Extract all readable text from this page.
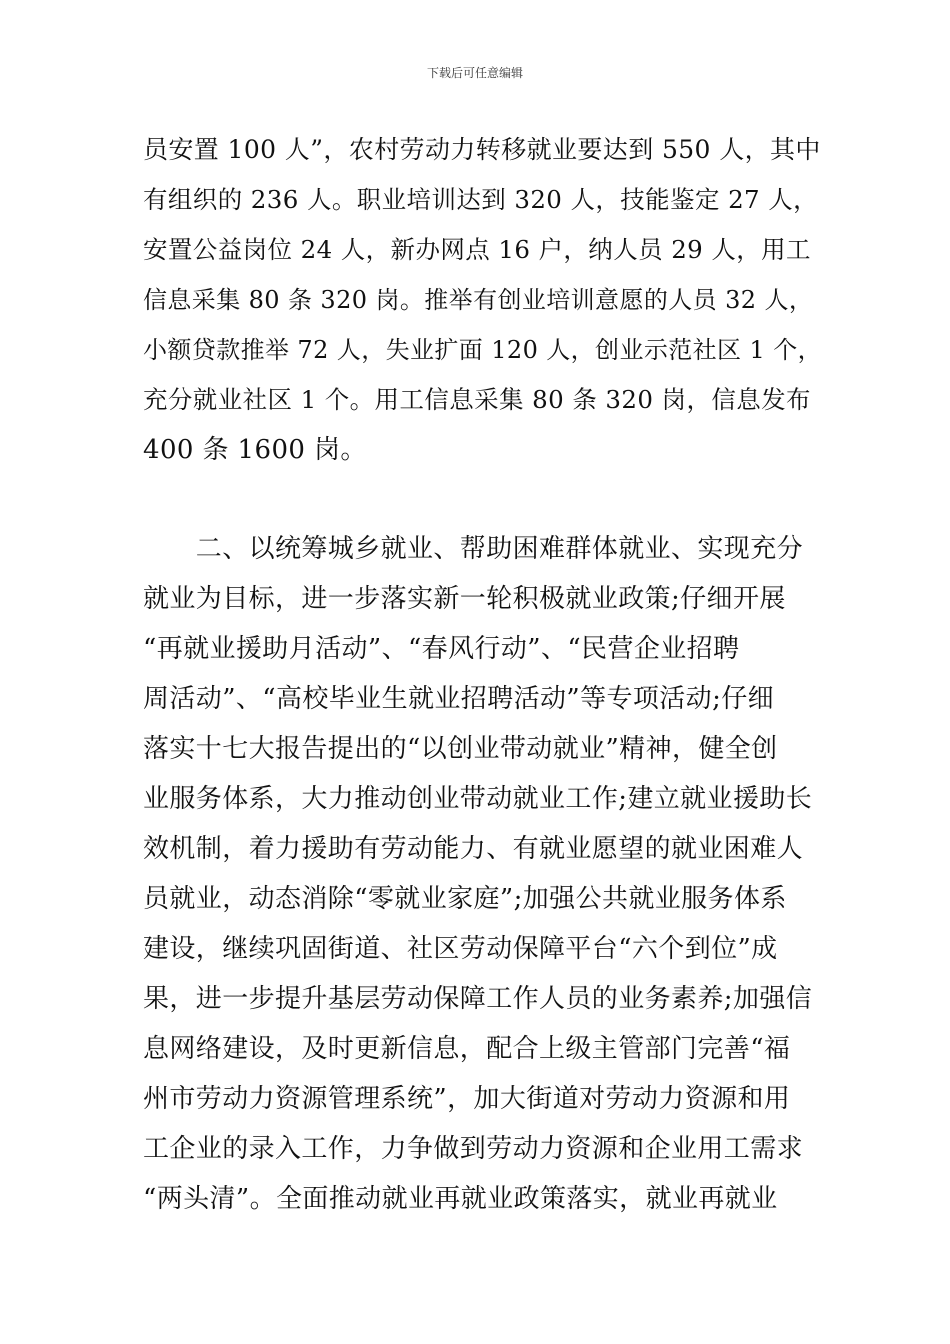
下载后可任意编辑
员安置 100 人”，农村劳动力转移就业要达到 550 人，其中
有组织的 236 人。职业培训达到 320 人，技能鉴定 27 人，
安置公益岗位 24 人，新办网点 16 户，纳人员 29 人，用工
信息采集 80 条 320 岗。推举有创业培训意愿的人员 32 人，
小额贷款推举 72 人，失业扩面 120 人，创业示范社区 1 个，
充分就业社区 1 个。用工信息采集 80 条 320 岗，信息发布
400 条 1600 岗。
　　二、以统筹城乡就业、帮助困难群体就业、实现充分
就业为目标，进一步落实新一轮积极就业政策;仔细开展
“再就业援助月活动”、“春风行动”、“民营企业招聘
周活动”、“高校毕业生就业招聘活动”等专项活动;仔细
落实十七大报告提出的“以创业带动就业”精神，健全创
业服务体系，大力推动创业带动就业工作;建立就业援助长
效机制，着力援助有劳动能力、有就业愿望的就业困难人
员就业，动态消除“零就业家庭”;加强公共就业服务体系
建设，继续巩固街道、社区劳动保障平台“六个到位”成
果，进一步提升基层劳动保障工作人员的业务素养;加强信
息网络建设，及时更新信息，配合上级主管部门完善“福
州市劳动力资源管理系统”，加大街道对劳动力资源和用
工企业的录入工作，力争做到劳动力资源和企业用工需求
“两头清”。全面推动就业再就业政策落实，就业再就业
